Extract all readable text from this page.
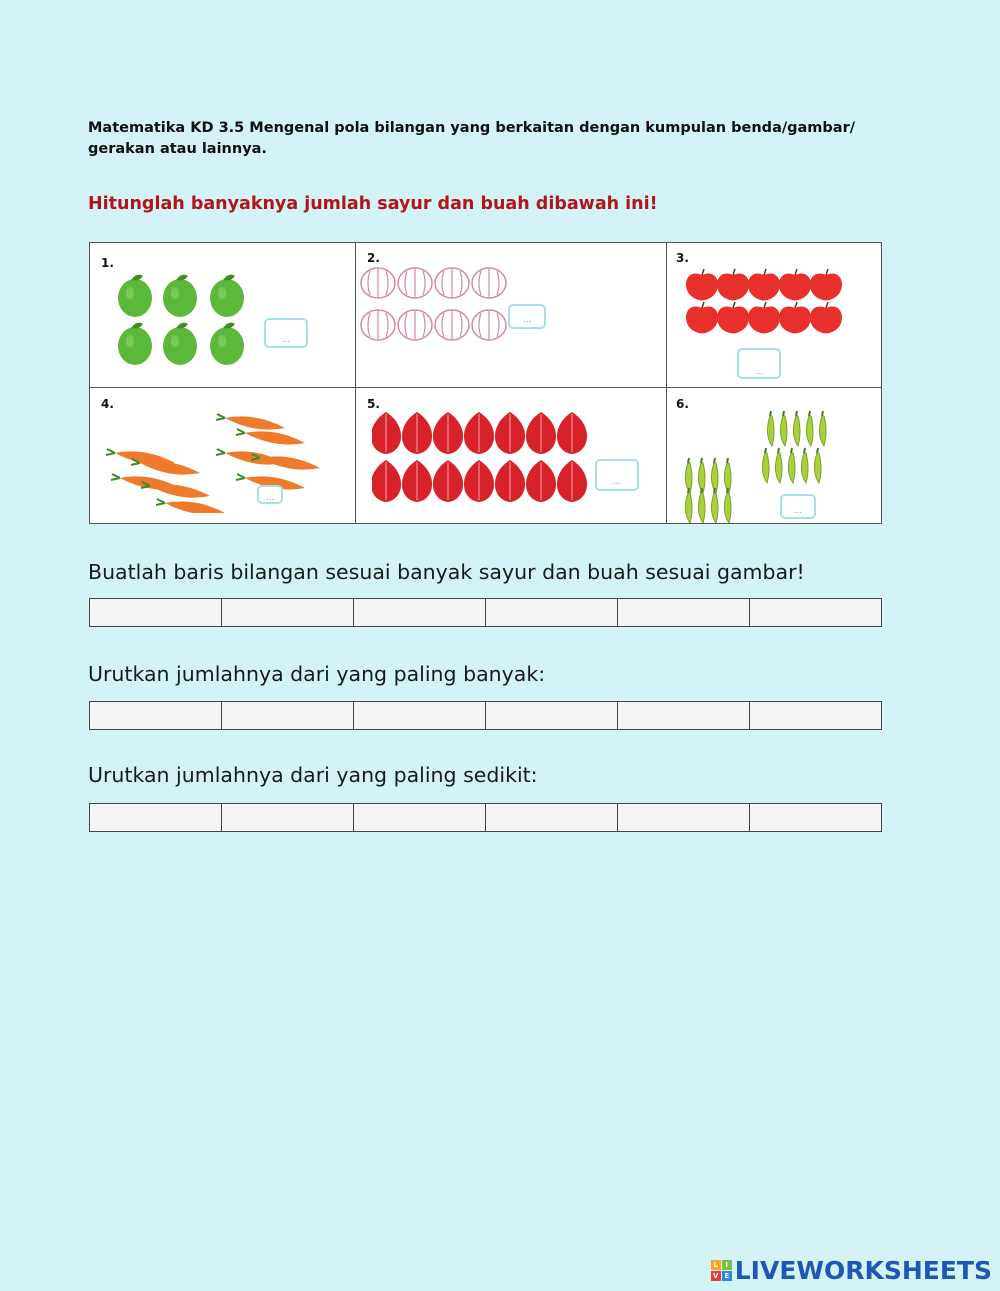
Matematika KD 3.5 Mengenal pola bilangan yang berkaitan dengan kumpulan benda/gambar/
gerakan atau lainnya.
Hitunglah banyaknya jumlah sayur dan buah dibawah ini!
1.
...
2.
...
3.
...
4.
...
5.
...
6.
...
Buatlah baris bilangan sesuai banyak sayur dan buah sesuai gambar!
Urutkan jumlahnya dari yang paling banyak:
Urutkan jumlahnya dari yang paling sedikit:
L	I
V E LIVEWORKSHEETS
